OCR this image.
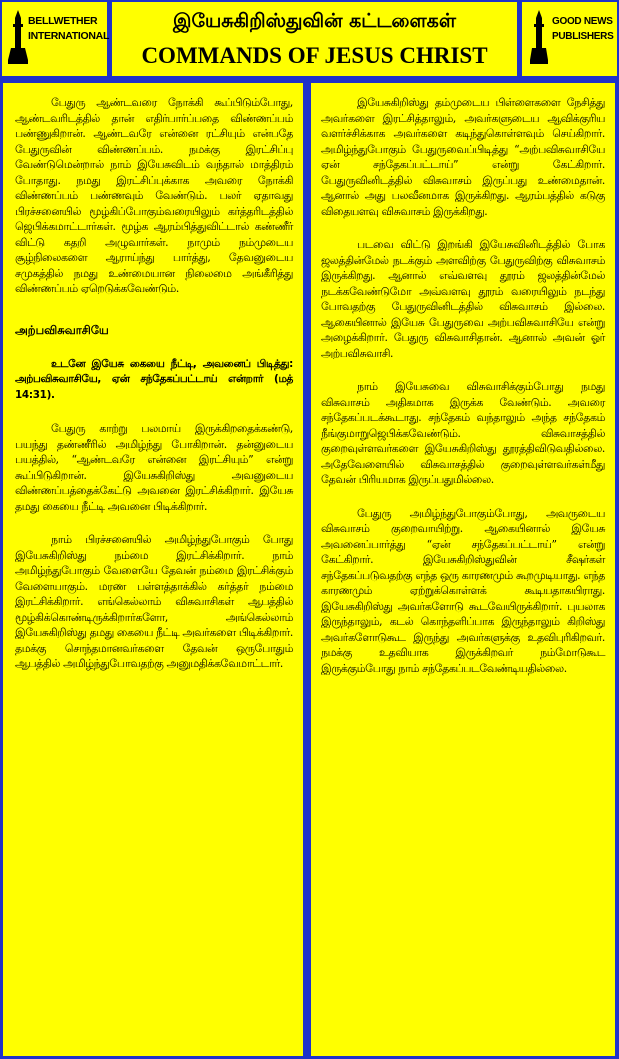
BELLWETHER
INTERNATIONAL
இயேசுகிறிஸ்துவின் கட்டளைகள்
COMMANDS OF JESUS CHRIST
GOOD NEWS
PUBLISHERS

பேதுரு ஆண்டவரை நோக்கி கூப்பிடும்போது, ஆண்டவரிடத்தில் தான் எதிர்பார்ப்பதை விண்ணப்பம் பண்ணுகிறான். ஆண்டவரே என்னை ரட்சியும் என்பதே பேதுருவின் விண்ணப்பம். நமக்கு இரட்சிப்பு வேண்டுமென்றால் நாம் இயேசுவிடம் வந்தால் மாத்திரம் போதாது. நமது இரட்சிப்புக்காக அவரை நோக்கி விண்ணப்பம் பண்ணவும் வேண்டும். பலர் ஏதாவது பிரச்சனையில் மூழ்கிப்போகும்வரையிலும் கர்த்தரிடத்தில் ஜெபிக்கமாட்டார்கள். மூழ்க ஆரம்பித்துவிட்டால் கண்ணீர் விட்டு கதறி அழுவார்கள். நாமும் நம்முடைய சூழ்நிலைகளை ஆராய்ந்து பார்த்து, தேவனுடைய சமுகத்தில் நமது உண்மையான நிலைமை அங்கீரித்து விண்ணப்பம் ஏறெடுக்கவேண்டும்.

அற்பவிசுவாசியே

உடனே இயேசு கையை நீட்டி, அவனைப் பிடித்து: அற்பவிசுவாசியே, ஏன் சந்தேகப்பட்டாய் என்றார் (மத் 14:31).

பேதுரு காற்று பலமாய் இருக்கிறதைக்கண்டு, பயந்து தண்ணீரில் அமிழ்ந்து போகிறான். தன்னுடைய பயத்தில், “ஆண்டவரே என்னை இரட்சியும்” என்று கூப்பிடுகிறான். இயேசுகிறிஸ்து அவனுடைய விண்ணப்பத்தைக்கேட்டு அவனை இரட்சிக்கிறார். இயேசு தமது கையை நீட்டி அவனை பிடிக்கிறார்.

நாம் பிரச்சனையில் அமிழ்ந்துபோகும் போது இயேசுகிறிஸ்து நம்மை இரட்சிக்கிறார். நாம் அமிழ்ந்துபோகும் வேளையே தேவன் நம்மை இரட்சிக்கும் வேளையாகும். மரண பள்ளத்தாக்கில் கர்த்தர் நம்மை இரட்சிக்கிறார். எங்கெல்லாம் விசுவாசிகள் ஆபத்தில் மூழ்கிக்கொண்டிருக்கிறார்களோ, அங்கெல்லாம் இயேசுகிறிஸ்து தமது கையை நீட்டி அவர்களை பிடிக்கிறார். தமக்கு சொந்தமானவர்களை தேவன் ஒருபோதும் ஆபத்தில் அமிழ்ந்துபோவதற்கு அனுமதிக்கவேமாட்டார்.

இயேசுகிறிஸ்து தம்முடைய பிள்ளைகளை நேசித்து அவர்களை இரட்சித்தாலும், அவர்களுடைய ஆவிக்குரிய வளர்ச்சிக்காக அவர்களை கடிந்துகொள்ளவும் செய்கிறார். அமிழ்ந்துபோகும் பேதுருவைப்பிடித்து “அற்பவிசுவாசியே ஏன் சந்தேகப்பட்டாய்” என்று கேட்கிறார். பேதுருவினிடத்தில் விசுவாசம் இருப்பது உண்மைதான். ஆனால் அது பலவீனமாக இருக்கிறது. ஆரம்பத்தில் கடுகு விதையளவு விசுவாசம் இருக்கிறது.

படவை விட்டு இறங்கி இயேசுவினிடத்தில் போக ஜலத்தின்மேல் நடக்கும் அளவிற்கு பேதுருவிற்கு விசுவாசம் இருக்கிறது. ஆனால் எவ்வளவு தூரம் ஜலத்தின்மேல் நடக்கவேண்டுமோ அவ்வளவு தூரம் வரையிலும் நடந்து போவதற்கு பேதுருவினிடத்தில் விசுவாசம் இல்லை. ஆகையினால் இயேசு பேதுருவை அற்பவிசுவாசியே என்று அழைக்கிறார். பேதுரு விசுவாசிதான். ஆனால் அவன் ஓர் அற்பவிசுவாசி.

நாம் இயேசுவை விசுவாசிக்கும்போது நமது விசுவாசம் அதிகமாக இருக்க வேண்டும். அவரை சந்தேகப்படக்கூடாது. சந்தேகம் வந்தாலும் அந்த சந்தேகம் நீங்குமாறுஜெபிக்கவேண்டும். விசுவாசத்தில் குறைவுள்ளவர்களை இயேசுகிறிஸ்து தூரத்திவிடுவதில்லை. அதேவேளையில் விசுவாசத்தில் குறைவுள்ளவர்கள்மீது தேவன் பிரியமாக இருப்பதுமில்லை.

பேதுரு அமிழ்ந்துபோகும்போது, அவருடைய விசுவாசம் குறைவாயிற்று. ஆகையினால் இயேசு அவனைப்பார்த்து “ஏன் சந்தேகப்பட்டாய்” என்று கேட்கிறார். இயேசுகிறிஸ்துவின் சீஷர்கள் சந்தேகப்படுவதற்கு எந்த ஒரு காரணமும் கூறமுடியாது. எந்த காரணமும் ஏற்றுக்கொள்ளக் கூடியதாகயிராது. இயேசுகிறிஸ்து அவர்களோடு கூடவேயிருக்கிறார். புயலாக இருந்தாலும், கடல் கொந்தளிப்பாக இருந்தாலும் கிறிஸ்து அவர்களோடுகூட இருந்து அவர்களுக்கு உதவிபுரிகிறவர். நமக்கு உதவியாக இருக்கிறவர் நம்மோடுகூட இருக்கும்போது நாம் சந்தேகப்படவேண்டியதில்லை.
